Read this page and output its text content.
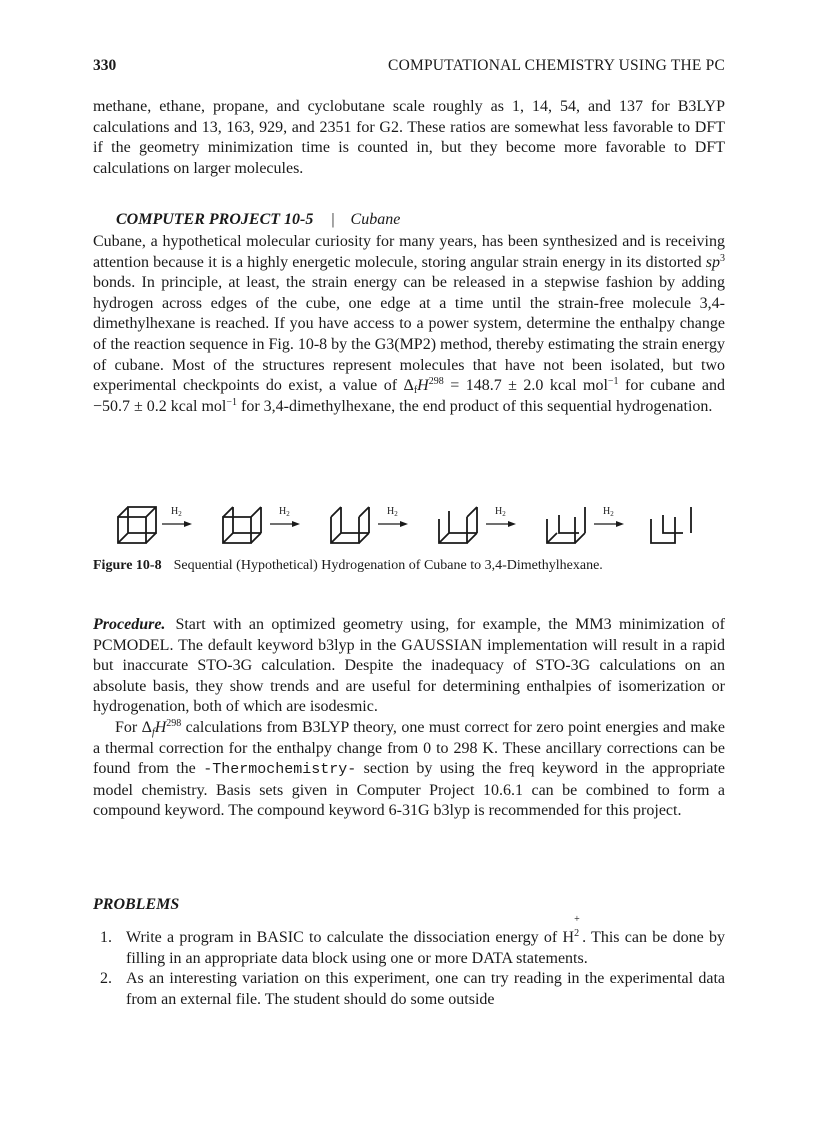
330	COMPUTATIONAL CHEMISTRY USING THE PC

methane, ethane, propane, and cyclobutane scale roughly as 1, 14, 54, and 137 for B3LYP calculations and 13, 163, 929, and 2351 for G2. These ratios are somewhat less favorable to DFT if the geometry minimization time is counted in, but they become more favorable to DFT calculations on larger molecules.

COMPUTER PROJECT 10-5 | Cubane

Cubane, a hypothetical molecular curiosity for many years, has been synthesized and is receiving attention because it is a highly energetic molecule, storing angular strain energy in its distorted $sp^3$ bonds. In principle, at least, the strain energy can be released in a stepwise fashion by adding hydrogen across edges of the cube, one edge at a time until the strain-free molecule 3,4-dimethylhexane is reached. If you have access to a power system, determine the enthalpy change of the reaction sequence in Fig. 10-8 by the G3(MP2) method, thereby estimating the strain energy of cubane. Most of the structures represent molecules that have not been isolated, but two experimental checkpoints do exist, a value of $\Delta_fH^{298} = 148.7 \pm 2.0$ kcal mol$^{-1}$ for cubane and −50.7 ± 0.2 kcal mol$^{-1}$ for 3,4-dimethylhexane, the end product of this sequential hydrogenation.

$H_2$	$H_2$	$H_2$	$H_2$	$H_2$
Figure 10-8 Sequential (Hypothetical) Hydrogenation of Cubane to 3,4-Dimethylhexane.

Procedure. Start with an optimized geometry using, for example, the MM3 minimization of PCMODEL. The default keyword b3lyp in the GAUSSIAN implementation will result in a rapid but inaccurate STO-3G calculation. Despite the inadequacy of STO-3G calculations on an absolute basis, they show trends and are useful for determining enthalpies of isomerization or hydrogenation, both of which are isodesmic.

For $\Delta_fH^{298}$ calculations from B3LYP theory, one must correct for zero point energies and make a thermal correction for the enthalpy change from 0 to 298 K. These ancillary corrections can be found from the -Thermochemistry- section by using the freq keyword in the appropriate model chemistry. Basis sets given in Computer Project 10.6.1 can be combined to form a compound keyword. The compound keyword 6-31G b3lyp is recommended for this project.

PROBLEMS
1. Write a program in BASIC to calculate the dissociation energy of H
+
2 . This can be done by filling in an appropriate data block using one or more DATA statements.
2. As an interesting variation on this experiment, one can try reading in the experimental data from an external file. The student should do some outside
